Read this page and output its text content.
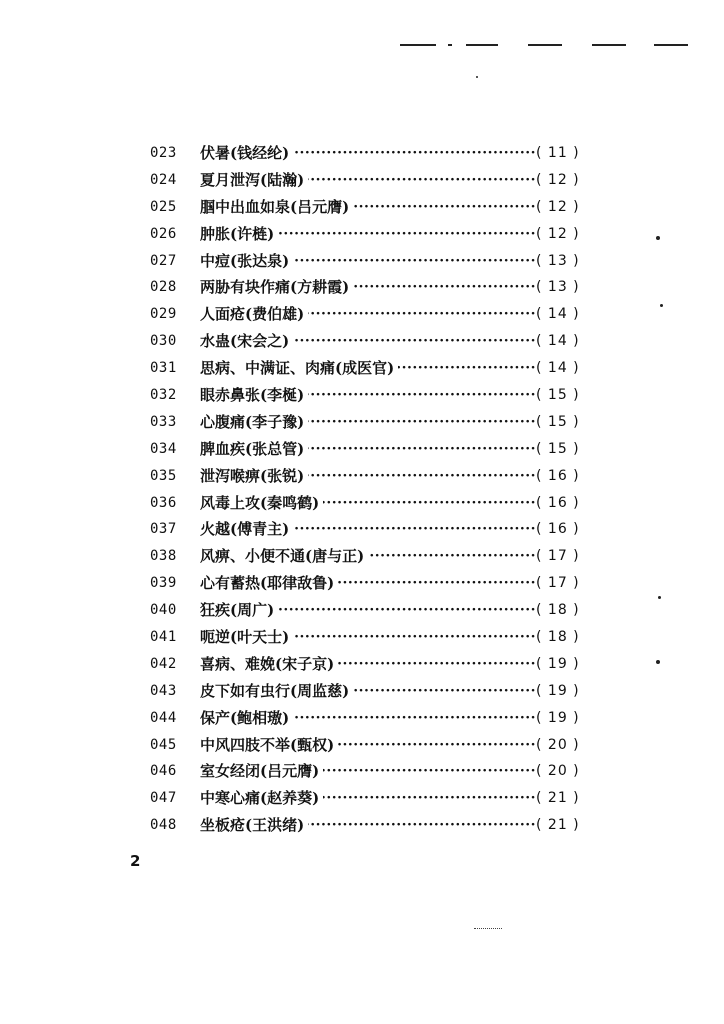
023 ·····	伏暑(钱经纶)	( 11 )
024 ·····	夏月泄泻(陆瀚)	( 12 )
025 ·····	腘中出血如泉(吕元膺)	( 12 )
026 ·····	肿胀(许梿)	( 12 )
027 ·····	中痘(张达泉)	( 13 )
028 ·····	两胁有块作痛(方耕霞)	( 13 )
029 ·····	人面疮(费伯雄)	( 14 )
030 ·····	水蛊(宋会之)	( 14 )
031 ·····	思病、中满证、肉痛(成医官)	( 14 )
032 ·····	眼赤鼻张(李梴)	( 15 )
033 ·····	心腹痛(李子豫)	( 15 )
034 ·····	脾血疾(张总管)	( 15 )
035 ·····	泄泻喉痹(张锐)	( 16 )
036 ·····	风毒上攻(秦鸣鹤)	( 16 )
037 ·····	火越(傅青主)	( 16 )
038 ·····	风痹、小便不通(唐与正)	( 17 )
039 ·····	心有蓄热(耶律敌鲁)	( 17 )
040 ·····	狂疾(周广)	( 18 )
041 ·····	呃逆(叶天士)	( 18 )
042 ·····	喜病、难娩(宋子京)	( 19 )
043 ·····	皮下如有虫行(周监慈)	( 19 )
044 ·····	保产(鲍相璈)	( 19 )
045 ·····	中风四肢不举(甄权)	( 20 )
046 ·····	室女经闭(吕元膺)	( 20 )
047 ·····	中寒心痛(赵养葵)	( 21 )
048 ·····	坐板疮(王洪绪)	( 21 )
2
